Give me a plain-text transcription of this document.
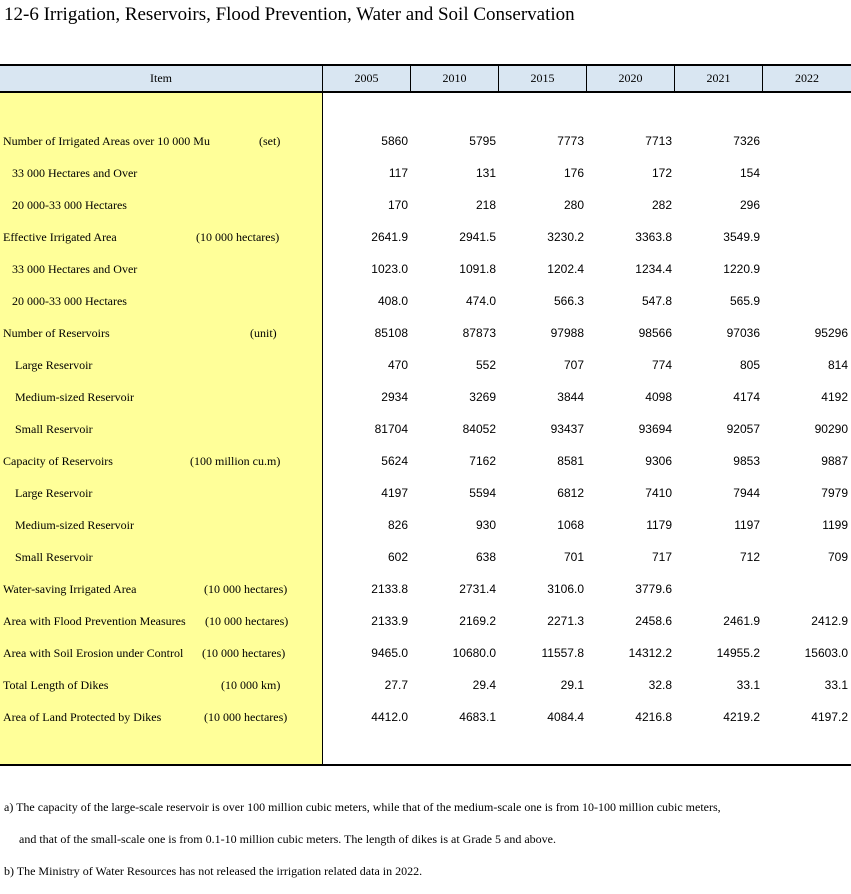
12-6 Irrigation, Reservoirs, Flood Prevention, Water and Soil Conservation
Item	2005	2010	2015	2020	2021	2022
Number of Irrigated Areas over 10 000 Mu	(set)	5860	5795	7773	7713	7326
33 000 Hectares and Over	117	131	176	172	154
20 000-33 000 Hectares	170	218	280	282	296
Effective Irrigated Area	(10 000 hectares)	2641.9	2941.5	3230.2	3363.8	3549.9
33 000 Hectares and Over	1023.0	1091.8	1202.4	1234.4	1220.9
20 000-33 000 Hectares	408.0	474.0	566.3	547.8	565.9
Number of Reservoirs	(unit)	85108	87873	97988	98566	97036	95296
Large Reservoir	470	552	707	774	805	814
Medium-sized Reservoir	2934	3269	3844	4098	4174	4192
Small Reservoir	81704	84052	93437	93694	92057	90290
Capacity of Reservoirs	(100 million cu.m)	5624	7162	8581	9306	9853	9887
Large Reservoir	4197	5594	6812	7410	7944	7979
Medium-sized Reservoir	826	930	1068	1179	1197	1199
Small Reservoir	602	638	701	717	712	709
Water-saving Irrigated Area	(10 000 hectares)	2133.8	2731.4	3106.0	3779.6
Area with Flood Prevention Measures (10 000 hectares)	2133.9	2169.2	2271.3	2458.6	2461.9	2412.9
Area with Soil Erosion under Control (10 000 hectares)	9465.0	10680.0	11557.8	14312.2	14955.2	15603.0
Total Length of Dikes	(10 000 km)	27.7	29.4	29.1	32.8	33.1	33.1
Area of Land Protected by Dikes	(10 000 hectares)	4412.0	4683.1	4084.4	4216.8	4219.2	4197.2
a) The capacity of the large-scale reservoir is over 100 million cubic meters, while that of the medium-scale one is from 10-100 million cubic meters,
and that of the small-scale one is from 0.1-10 million cubic meters. The length of dikes is at Grade 5 and above.
b) The Ministry of Water Resources has not released the irrigation related data in 2022.
